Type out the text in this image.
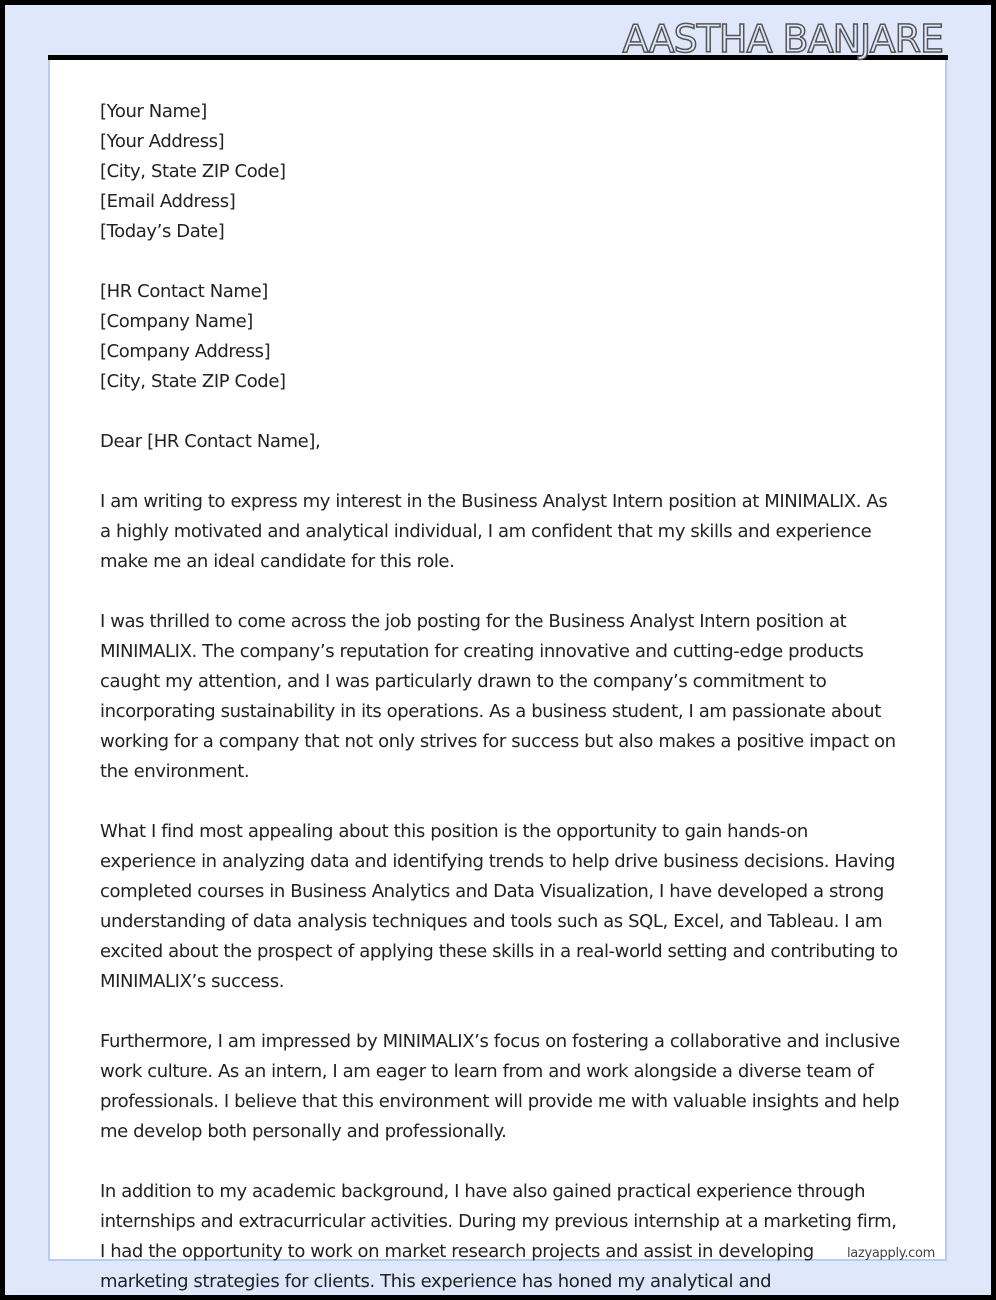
AASTHA BANJARE

[Your Name]
[Your Address]
[City, State ZIP Code]
[Email Address]
[Today’s Date]

[HR Contact Name]
[Company Name]
[Company Address]
[City, State ZIP Code]

Dear [HR Contact Name],

I am writing to express my interest in the Business Analyst Intern position at MINIMALIX. As a highly motivated and analytical individual, I am confident that my skills and experience make me an ideal candidate for this role.

I was thrilled to come across the job posting for the Business Analyst Intern position at MINIMALIX. The company’s reputation for creating innovative and cutting-edge products caught my attention, and I was particularly drawn to the company’s commitment to incorporating sustainability in its operations. As a business student, I am passionate about working for a company that not only strives for success but also makes a positive impact on the environment.

What I find most appealing about this position is the opportunity to gain hands-on experience in analyzing data and identifying trends to help drive business decisions. Having completed courses in Business Analytics and Data Visualization, I have developed a strong understanding of data analysis techniques and tools such as SQL, Excel, and Tableau. I am excited about the prospect of applying these skills in a real-world setting and contributing to MINIMALIX’s success.

Furthermore, I am impressed by MINIMALIX’s focus on fostering a collaborative and inclusive work culture. As an intern, I am eager to learn from and work alongside a diverse team of professionals. I believe that this environment will provide me with valuable insights and help me develop both personally and professionally.

In addition to my academic background, I have also gained practical experience through internships and extracurricular activities. During my previous internship at a marketing firm, I had the opportunity to work on market research projects and assist in developing marketing strategies for clients. This experience has honed my analytical and

lazyapply.com
